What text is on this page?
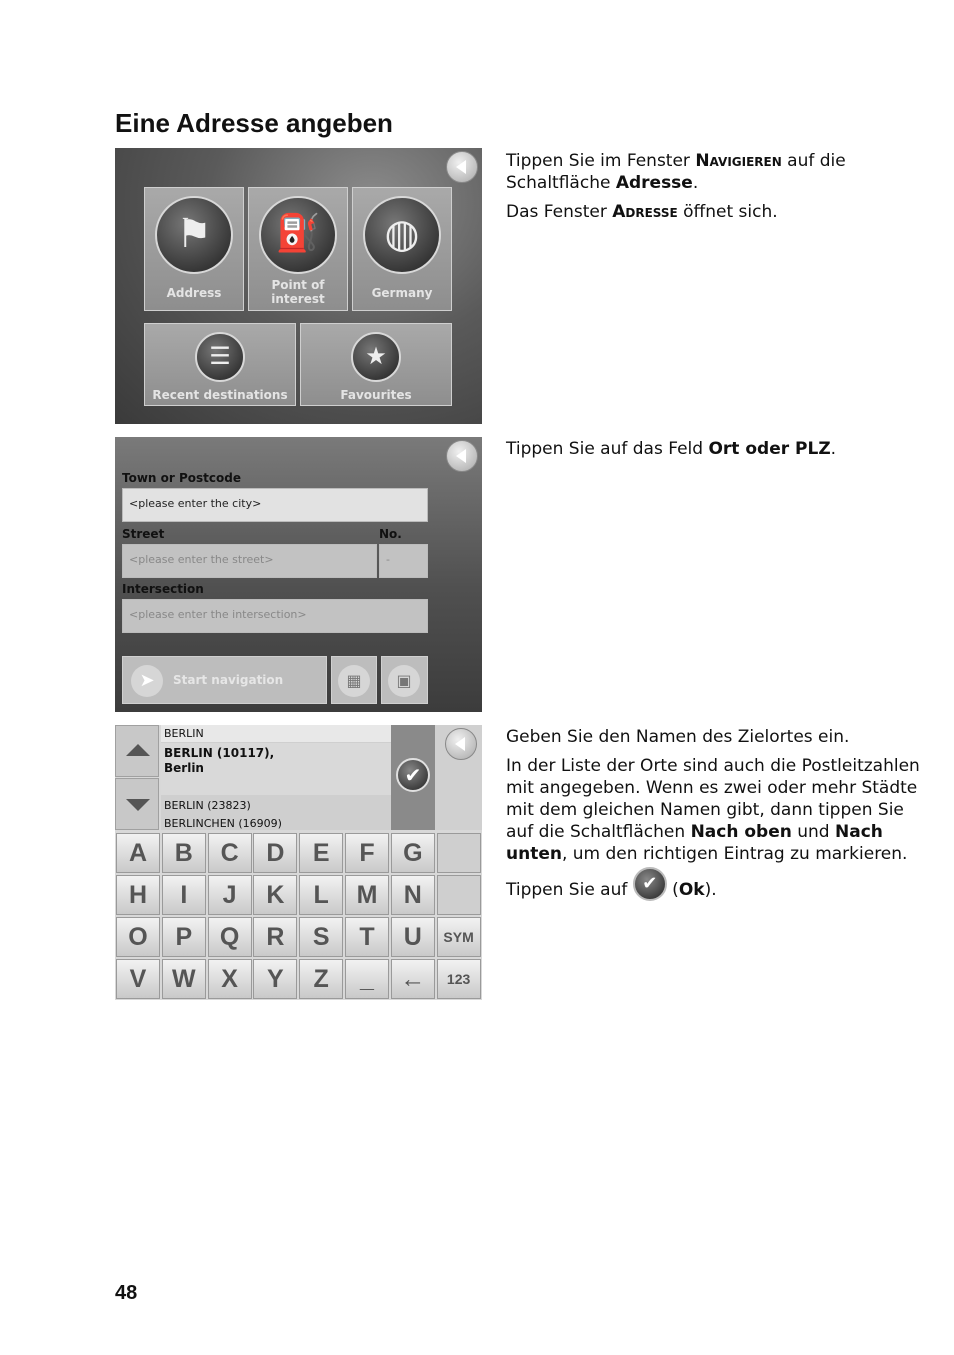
Eine Adresse angeben
⚑
Address
⛽
Point of
interest
◍
Germany
☰
Recent destinations
★
Favourites
Town or Postcode
<please enter the city>
Street	No.
<please enter the street>	-
Intersection
<please enter the intersection>
➤	Start navigation	▦	▣
BERLIN
BERLIN (10117),
Berlin
BERLIN (23823)
BERLINCHEN (16909)
✔
A	B	C	D	E	F	G
H	I	J	K	L	M	N
O	P	Q	R	S	T	U	SYM
V	W	X	Y	Z	_	←	123

Tippen Sie im Fenster Navigieren auf die Schaltfläche Adresse.

Das Fenster Adresse öffnet sich.

Tippen Sie auf das Feld Ort oder PLZ.

Geben Sie den Namen des Zielortes ein.

In der Liste der Orte sind auch die Postleitzahlen mit angegeben. Wenn es zwei oder mehr Städte mit dem gleichen Namen gibt, dann tippen Sie auf die Schaltflächen Nach oben und Nach unten, um den richtigen Eintrag zu markieren.

Tippen Sie auf ✔ (Ok).

48
